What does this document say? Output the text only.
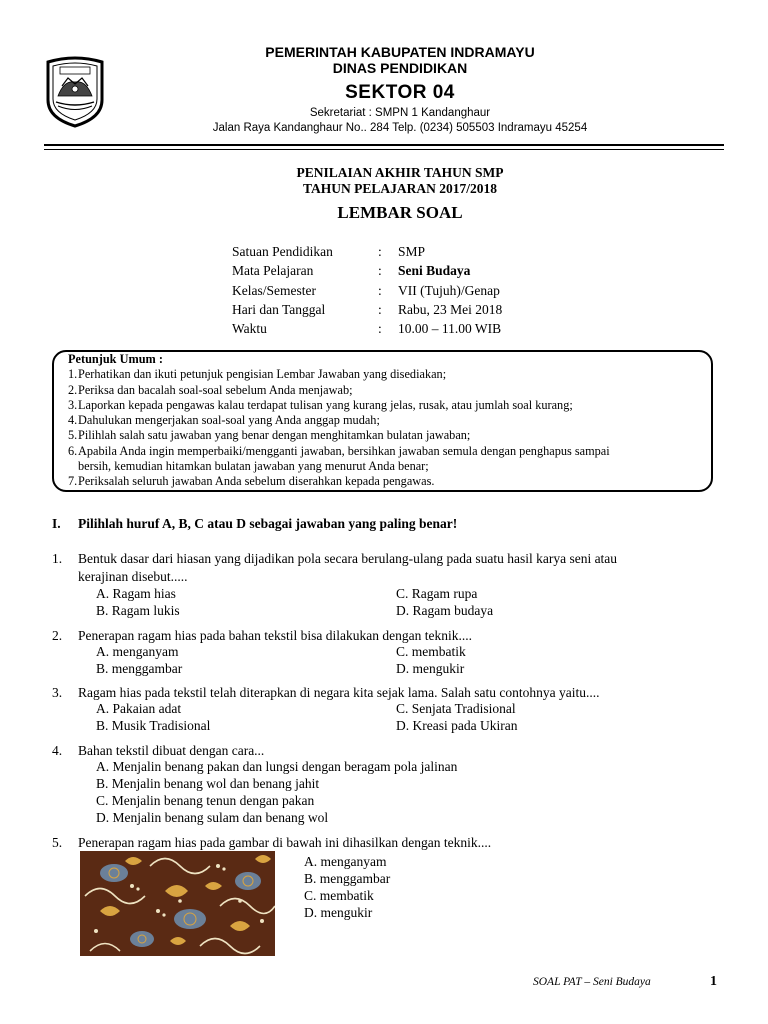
PEMERINTAH KABUPATEN INDRAMAYU
DINAS PENDIDIKAN
SEKTOR 04
Sekretariat : SMPN 1 Kandanghaur
Jalan Raya Kandanghaur No.. 284 Telp. (0234) 505503 Indramayu 45254
PENILAIAN AKHIR TAHUN SMP
TAHUN PELAJARAN 2017/2018
LEMBAR SOAL
Satuan Pendidikan	: SMP
Mata Pelajaran	: Seni Budaya
Kelas/Semester	: VII (Tujuh)/Genap
Hari dan Tanggal	: Rabu, 23 Mei 2018
Waktu	: 10.00 – 11.00 WIB
Petunjuk Umum :
1. Perhatikan dan ikuti petunjuk pengisian Lembar Jawaban yang disediakan;
2. Periksa dan bacalah soal-soal sebelum Anda menjawab;
3. Laporkan kepada pengawas kalau terdapat tulisan yang kurang jelas, rusak, atau jumlah soal kurang;
4. Dahulukan mengerjakan soal-soal yang Anda anggap mudah;
5. Pilihlah salah satu jawaban yang benar dengan menghitamkan bulatan jawaban;
6. Apabila Anda ingin memperbaiki/mengganti jawaban, bersihkan jawaban semula dengan penghapus sampai
bersih, kemudian hitamkan bulatan jawaban yang menurut Anda benar;
7. Periksalah seluruh jawaban Anda sebelum diserahkan kepada pengawas.
I. Pilihlah huruf A, B, C atau D sebagai jawaban yang paling benar!
1. Bentuk dasar dari hiasan yang dijadikan pola secara berulang-ulang pada suatu hasil karya seni atau
kerajinan disebut.....
A. Ragam hias
B. Ragam lukis
C. Ragam rupa
D. Ragam budaya
2. Penerapan ragam hias pada bahan tekstil bisa dilakukan dengan teknik....
A. menganyam
B. menggambar
C. membatik
D. mengukir
3. Ragam hias pada tekstil telah diterapkan di negara kita sejak lama. Salah satu contohnya yaitu....
A. Pakaian adat
B. Musik Tradisional
C. Senjata Tradisional
D. Kreasi pada Ukiran
4. Bahan tekstil dibuat dengan cara...
A. Menjalin benang pakan dan lungsi dengan beragam pola jalinan
B. Menjalin benang wol dan benang jahit
C. Menjalin benang tenun dengan pakan
D. Menjalin benang sulam dan benang wol
5. Penerapan ragam hias pada gambar di bawah ini dihasilkan dengan teknik....
A. menganyam
B. menggambar
C. membatik
D. mengukir
SOAL PAT – Seni Budaya	1
